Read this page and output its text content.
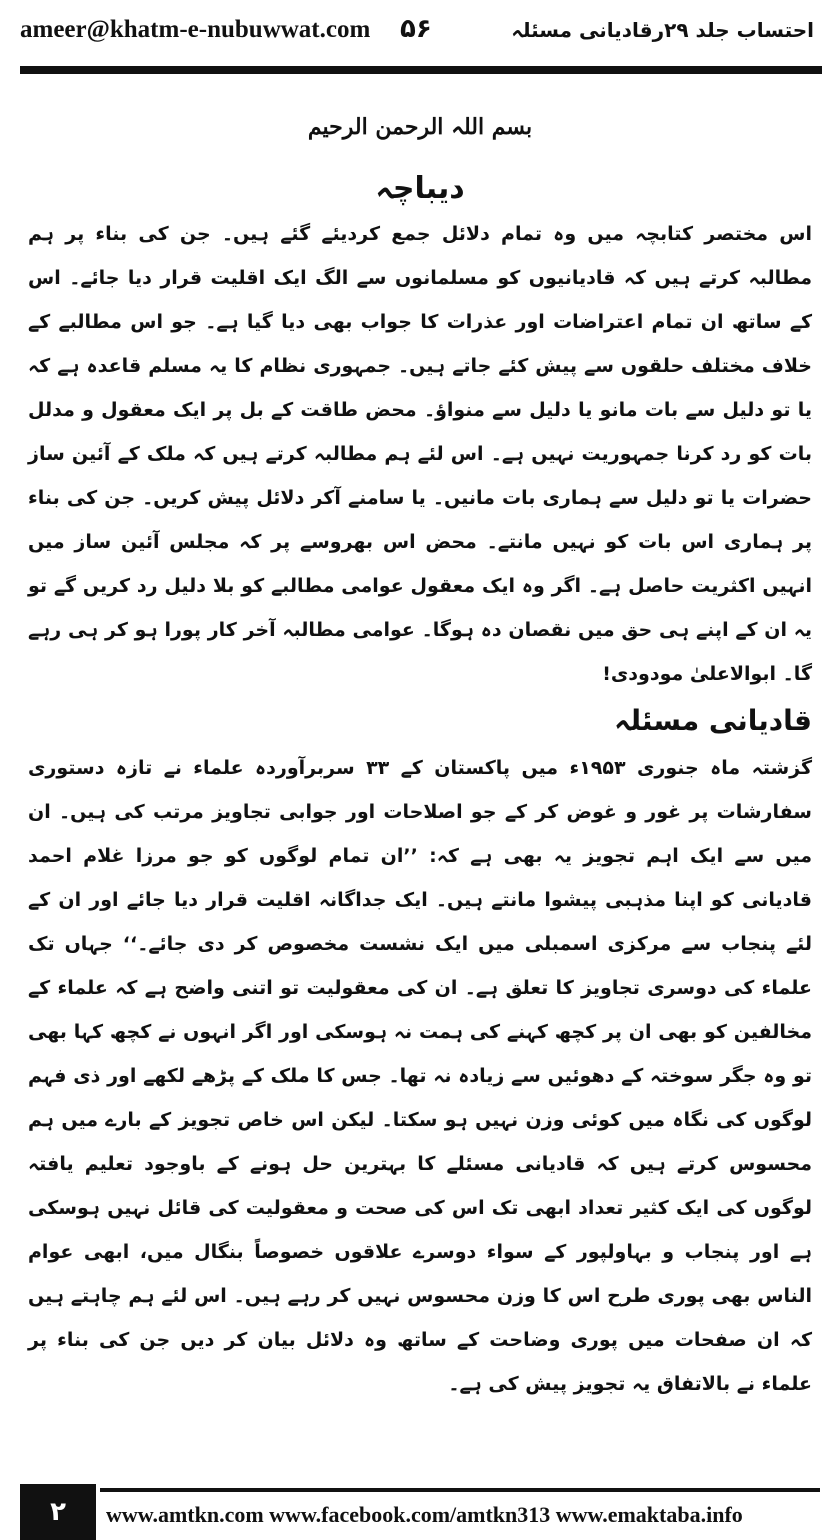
ameer@khatm-e-nubuwwat.com ۵۶	احتساب جلد ۲۹رقادیانی مسئلہ
بسم اللہ الرحمن الرحیم
دیباچہ

اس مختصر کتابچہ میں وہ تمام دلائل جمع کردیئے گئے ہیں۔ جن کی بناء پر ہم مطالبہ کرتے ہیں کہ قادیانیوں کو مسلمانوں سے الگ ایک اقلیت قرار دیا جائے۔ اس کے ساتھ ان تمام اعتراضات اور عذرات کا جواب بھی دیا گیا ہے۔ جو اس مطالبے کے خلاف مختلف حلقوں سے پیش کئے جاتے ہیں۔ جمہوری نظام کا یہ مسلم قاعدہ ہے کہ یا تو دلیل سے بات مانو یا دلیل سے منواؤ۔ محض طاقت کے بل پر ایک معقول و مدلل بات کو رد کرنا جمہوریت نہیں ہے۔ اس لئے ہم مطالبہ کرتے ہیں کہ ملک کے آئین ساز حضرات یا تو دلیل سے ہماری بات مانیں۔ یا سامنے آکر دلائل پیش کریں۔ جن کی بناء پر ہماری اس بات کو نہیں مانتے۔ محض اس بھروسے پر کہ مجلس آئین ساز میں انہیں اکثریت حاصل ہے۔ اگر وہ ایک معقول عوامی مطالبے کو بلا دلیل رد کریں گے تو یہ ان کے اپنے ہی حق میں نقصان دہ ہوگا۔ عوامی مطالبہ آخر کار پورا ہو کر ہی رہے گا۔ ابوالاعلیٰ مودودی!

قادیانی مسئلہ

گزشتہ ماہ جنوری ۱۹۵۳ء میں پاکستان کے ۳۳ سربرآوردہ علماء نے تازہ دستوری سفارشات پر غور و غوض کر کے جو اصلاحات اور جوابی تجاویز مرتب کی ہیں۔ ان میں سے ایک اہم تجویز یہ بھی ہے کہ: ’’ان تمام لوگوں کو جو مرزا غلام احمد قادیانی کو اپنا مذہبی پیشوا مانتے ہیں۔ ایک جداگانہ اقلیت قرار دیا جائے اور ان کے لئے پنجاب سے مرکزی اسمبلی میں ایک نشست مخصوص کر دی جائے۔‘‘ جہاں تک علماء کی دوسری تجاویز کا تعلق ہے۔ ان کی معقولیت تو اتنی واضح ہے کہ علماء کے مخالفین کو بھی ان پر کچھ کہنے کی ہمت نہ ہوسکی اور اگر انہوں نے کچھ کہا بھی تو وہ جگر سوختہ کے دھوئیں سے زیادہ نہ تھا۔ جس کا ملک کے پڑھے لکھے اور ذی فہم لوگوں کی نگاہ میں کوئی وزن نہیں ہو سکتا۔ لیکن اس خاص تجویز کے بارے میں ہم محسوس کرتے ہیں کہ قادیانی مسئلے کا بہترین حل ہونے کے باوجود تعلیم یافتہ لوگوں کی ایک کثیر تعداد ابھی تک اس کی صحت و معقولیت کی قائل نہیں ہوسکی ہے اور پنجاب و بہاولپور کے سواء دوسرے علاقوں خصوصاً بنگال میں، ابھی عوام الناس بھی پوری طرح اس کا وزن محسوس نہیں کر رہے ہیں۔ اس لئے ہم چاہتے ہیں کہ ان صفحات میں پوری وضاحت کے ساتھ وہ دلائل بیان کر دیں جن کی بناء پر علماء نے بالاتفاق یہ تجویز پیش کی ہے۔

۲	www.amtkn.com www.facebook.com/amtkn313 www.emaktaba.info
